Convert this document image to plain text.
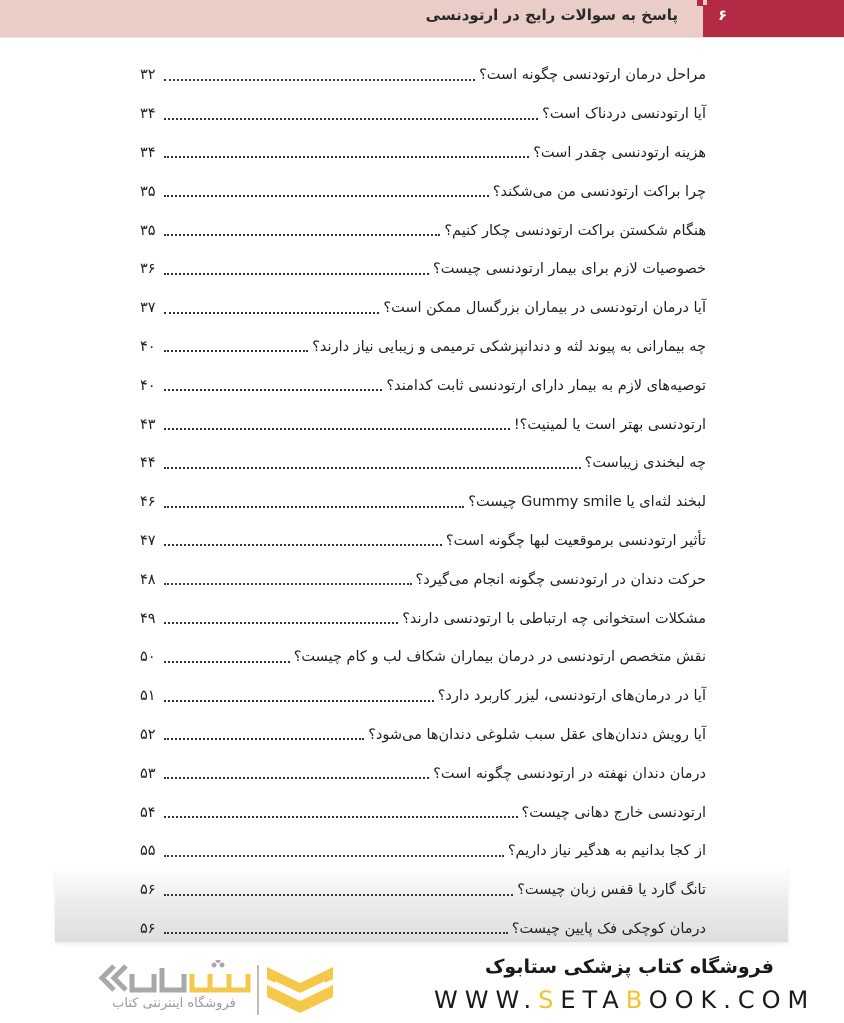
۶
پاسخ به سوالات رایج در ارتودنسی
مراحل درمان ارتودنسی چگونه است؟
۳۲
آیا ارتودنسی دردناک است؟
۳۴
هزینه ارتودنسی چقدر است؟
۳۴
چرا براکت ارتودنسی من می‌شکند؟
۳۵
هنگام شکستن براکت ارتودنسی چکار کنیم؟
۳۵
خصوصیات لازم برای بیمار ارتودنسی چیست؟
۳۶
آیا درمان ارتودنسی در بیماران بزرگسال ممکن است؟
۳۷
چه بیمارانی به پیوند لثه و دندانپزشکی ترمیمی و زیبایی نیاز دارند؟
۴۰
توصیه‌های لازم به بیمار دارای ارتودنسی ثابت کدامند؟
۴۰
ارتودنسی بهتر است یا لمینیت؟!
۴۳
چه لبخندی زیباست؟
۴۴
لبخند لثه‌ای یا Gummy smile چیست؟
۴۶
تأثیر ارتودنسی برموقعیت لبها چگونه است؟
۴۷
حرکت دندان در ارتودنسی چگونه انجام می‌گیرد؟
۴۸
مشکلات استخوانی چه ارتباطی با ارتودنسی دارند؟
۴۹
نقش متخصص ارتودنسی در درمان بیماران شکاف لب و کام چیست؟
۵۰
آیا در درمان‌های ارتودنسی، لیزر کاربرد دارد؟
۵۱
آیا رویش دندان‌های عقل سبب شلوغی دندان‌ها می‌شود؟
۵۲
درمان دندان نهفته در ارتودنسی چگونه است؟
۵۳
ارتودنسی خارج دهانی چیست؟
۵۴
از کجا بدانیم به هدگیر نیاز داریم؟
۵۵
تانگ گارد یا قفس زبان چیست؟
۵۶
درمان کوچکی فک پایین چیست؟
۵۶
فروشگاه اینترنتی کتاب
فروشگاه کتاب پزشکی ستابوک
WWW.SETABOOK.COM
